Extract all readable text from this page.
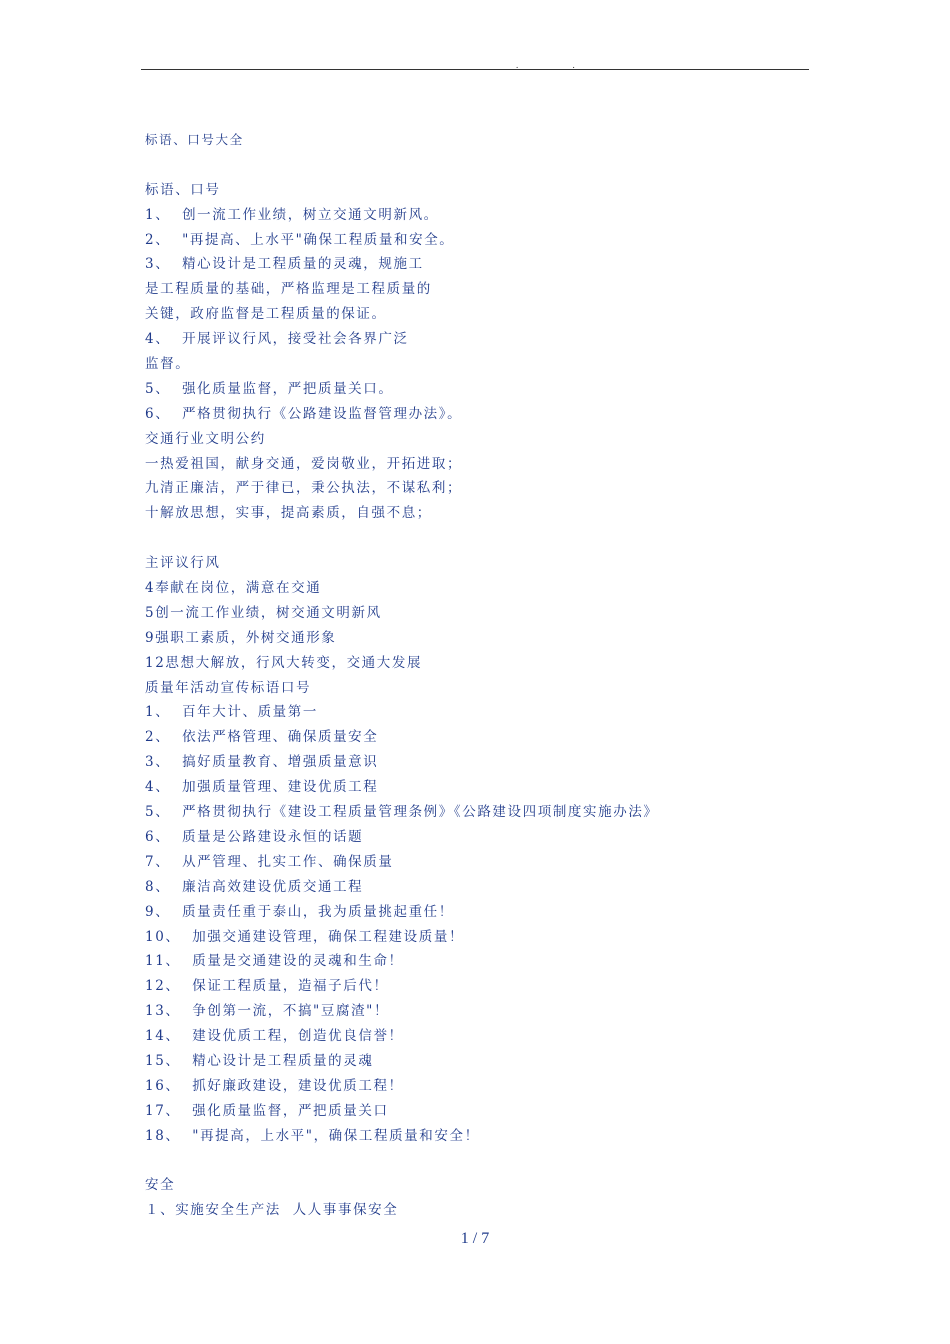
. .
标语、口号大全
标语、口号
1、  创一流工作业绩，树立交通文明新风。
2、  "再提高、上水平"确保工程质量和安全。
3、  精心设计是工程质量的灵魂，规施工
是工程质量的基础，严格监理是工程质量的
关键，政府监督是工程质量的保证。
4、  开展评议行风，接受社会各界广泛
监督。
5、  强化质量监督，严把质量关口。
6、  严格贯彻执行《公路建设监督管理办法》。
交通行业文明公约
一热爱祖国，献身交通，爱岗敬业，开拓进取；
九清正廉洁，严于律已，秉公执法，不谋私利；
十解放思想，实事，提高素质，自强不息；
主评议行风
4奉献在岗位，满意在交通
5创一流工作业绩，树交通文明新风
9强职工素质，外树交通形象
12思想大解放，行风大转变，交通大发展
质量年活动宣传标语口号
1、  百年大计、质量第一
2、  依法严格管理、确保质量安全
3、  搞好质量教育、增强质量意识
4、  加强质量管理、建设优质工程
5、  严格贯彻执行《建设工程质量管理条例》《公路建设四项制度实施办法》
6、  质量是公路建设永恒的话题
7、  从严管理、扎实工作、确保质量
8、  廉洁高效建设优质交通工程
9、  质量责任重于泰山，我为质量挑起重任！
10、  加强交通建设管理，确保工程建设质量！
11、  质量是交通建设的灵魂和生命！
12、  保证工程质量，造福子后代！
13、  争创第一流，不搞"豆腐渣"！
14、  建设优质工程，创造优良信誉！
15、  精心设计是工程质量的灵魂
16、  抓好廉政建设，建设优质工程！
17、  强化质量监督，严把质量关口
18、  "再提高，上水平"，确保工程质量和安全！
安全
１、实施安全生产法  人人事事保安全
1 / 7
